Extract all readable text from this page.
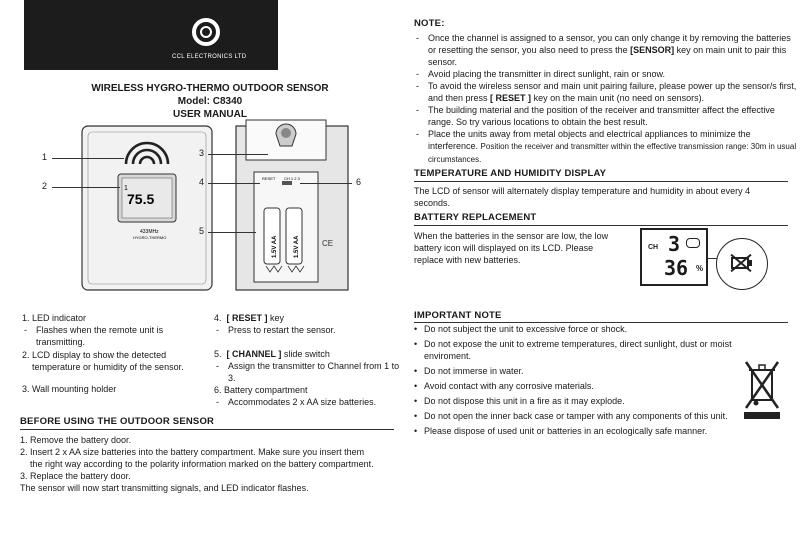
CCL ELECTRONICS LTD
WIRELESS HYGRO-THERMO OUTDOOR SENSOR
Model: C8340
USER MANUAL
1
75.5
433MHz
HYGRO-THERMO
RESET CH 1 2 3
1.5V AA	1.5V AA	CE
1
2
3
4	6
5
1. LED indicator
- Flashes when the remote unit is transmitting.
2. LCD display to show the detected temperature or humidity of the sensor.
3. Wall mounting holder
4. [ RESET ] key
- Press to restart the sensor.
5. [ CHANNEL ] slide switch
- Assign the transmitter to Channel from 1 to 3.
6. Battery compartment
- Accommodates 2 x AA size batteries.
BEFORE USING THE OUTDOOR SENSOR
1. Remove the battery door.
2. Insert 2 x AA size batteries into the battery compartment. Make sure you insert them
the right way according to the polarity information marked on the battery compartment.
3. Replace the battery door.
The sensor will now start transmitting signals, and LED indicator flashes.
NOTE:
- Once the channel is assigned to a sensor, you can only change it by removing the batteries or resetting the sensor, you also need to press the [SENSOR] key on main unit to pair this sensor.
- Avoid placing the transmitter in direct sunlight, rain or snow.
- To avoid the wireless sensor and main unit pairing failure, please power up the sensor/s first, and then press [ RESET ] key on the main unit (no need on sensors).
- The building material and the position of the receiver and transmitter affect the effective range. So try various locations to obtain the best result.
- Place the units away from metal objects and electrical appliances to minimize the interference. Position the receiver and transmitter within the effective transmission range: 30m in usual circumstances.
TEMPERATURE AND HUMIDITY DISPLAY
The LCD of sensor will alternately display temperature and humidity in about every 4 seconds.
BATTERY REPLACEMENT
When the batteries in the sensor are low, the low battery icon will displayed on its LCD. Please replace with new batteries.
CH 3
36 %
IMPORTANT NOTE
• Do not subject the unit to excessive force or shock.
• Do not expose the unit to extreme temperatures, direct sunlight, dust or moist enviroment.
• Do not immerse in water.
• Avoid contact with any corrosive materials.
• Do not dispose this unit in a fire as it may explode.
• Do not open the inner back case or tamper with any components of this unit.
• Please dispose of used unit or batteries in an ecologically safe manner.
